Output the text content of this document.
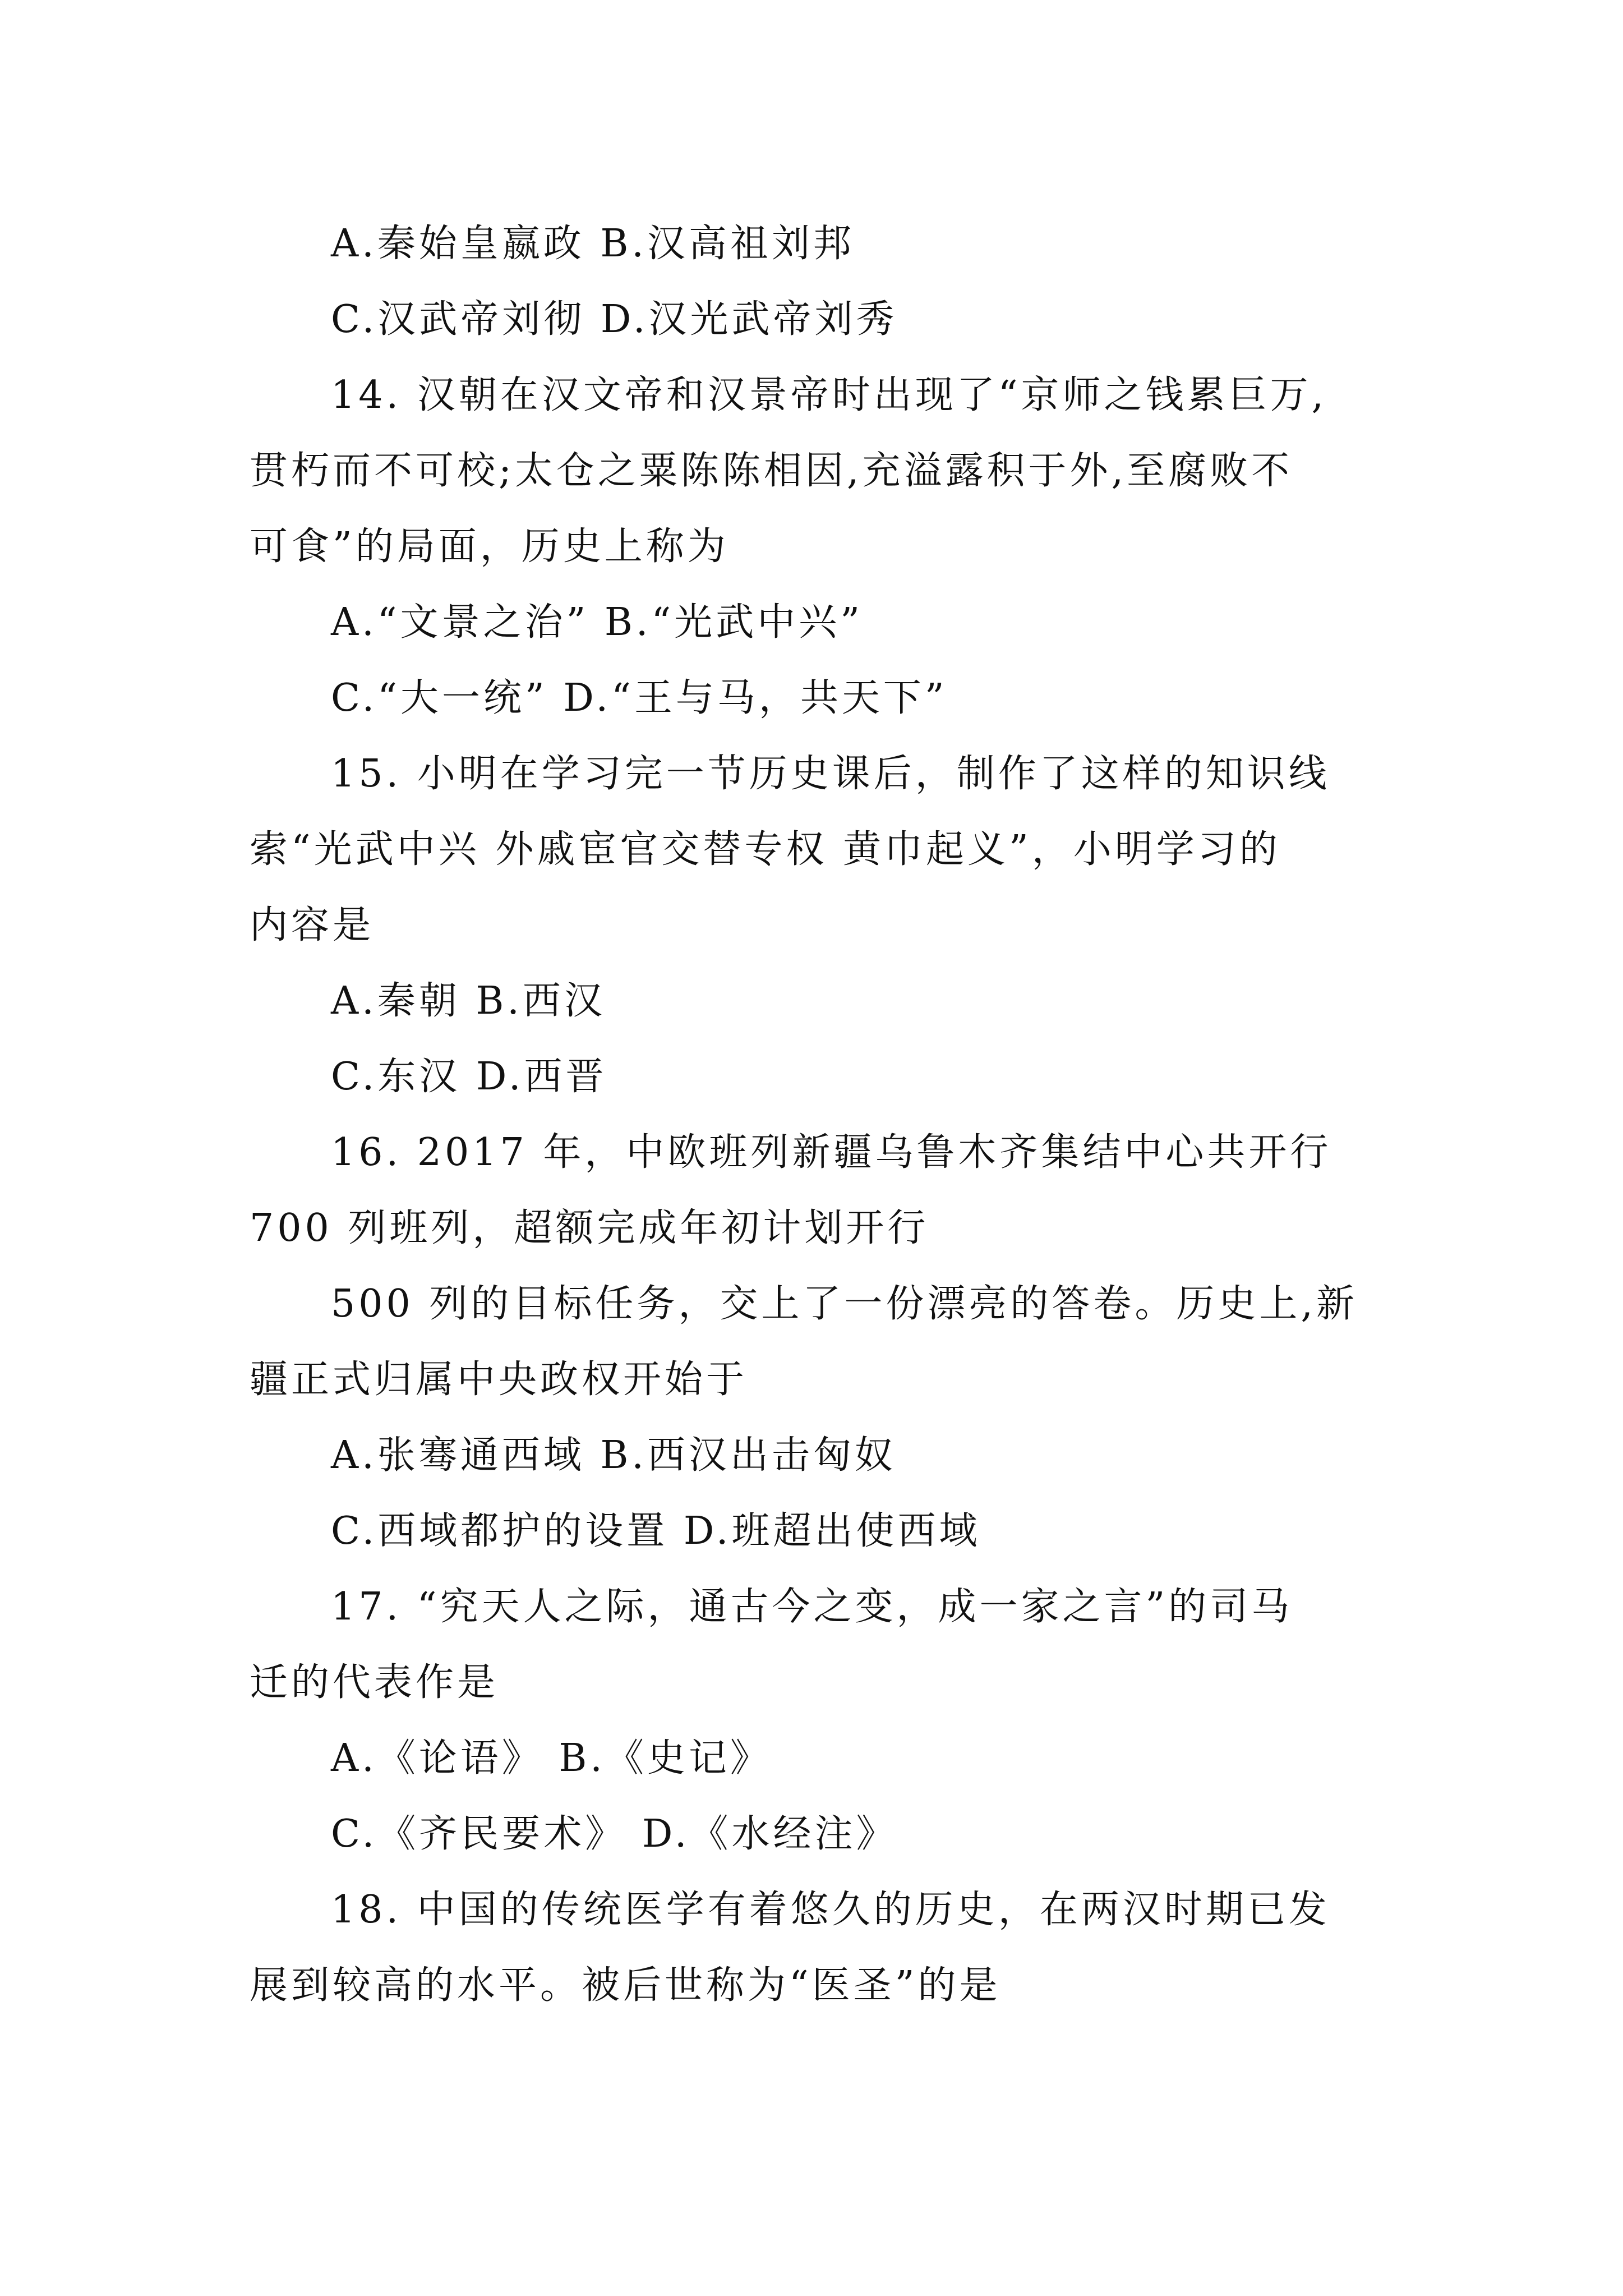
A.秦始皇嬴政 B.汉高祖刘邦
C.汉武帝刘彻 D.汉光武帝刘秀
14. 汉朝在汉文帝和汉景帝时出现了“京师之钱累巨万,
贯朽而不可校;太仓之粟陈陈相因,充溢露积于外,至腐败不
可食”的局面，历史上称为
A.“文景之治” B.“光武中兴”
C.“大一统” D.“王与马，共天下”
15. 小明在学习完一节历史课后，制作了这样的知识线
索“光武中兴 外戚宦官交替专权 黄巾起义”，小明学习的
内容是
A.秦朝 B.西汉
C.东汉 D.西晋
16. 2017 年，中欧班列新疆乌鲁木齐集结中心共开行
700 列班列，超额完成年初计划开行
500 列的目标任务，交上了一份漂亮的答卷。历史上,新
疆正式归属中央政权开始于
A.张骞通西域 B.西汉出击匈奴
C.西域都护的设置 D.班超出使西域
17. “究天人之际，通古今之变，成一家之言”的司马
迁的代表作是
A.《论语》 B.《史记》
C.《齐民要术》 D.《水经注》
18. 中国的传统医学有着悠久的历史，在两汉时期已发
展到较高的水平。被后世称为“医圣”的是
